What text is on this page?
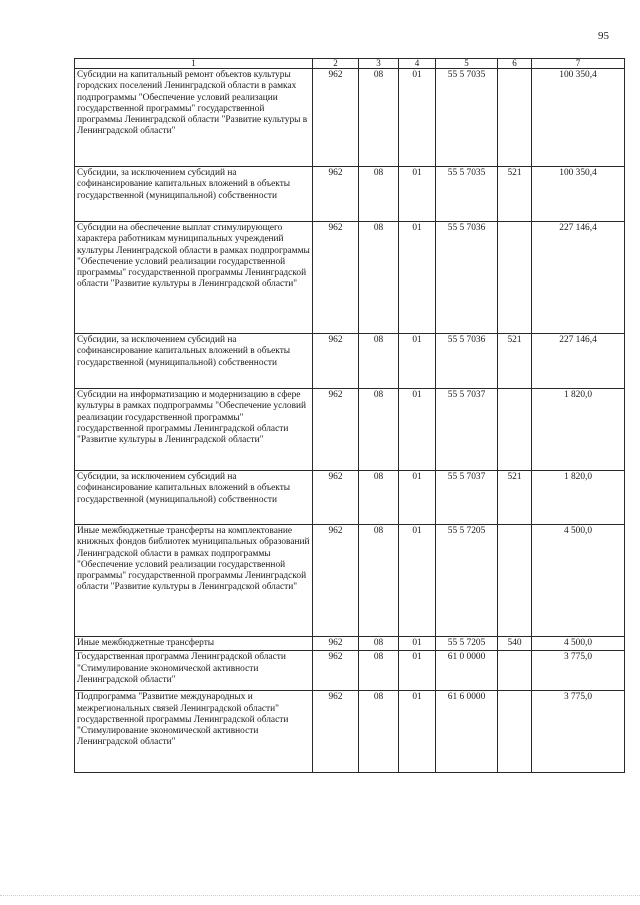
95
1	2	3	4	5	6	7
Субсидии на капитальный ремонт объектов культуры городских поселений Ленинградской области в рамках подпрограммы "Обеспечение условий реализации государственной программы" государственной программы Ленинградской области "Развитие культуры в Ленинградской области"	962	08	01	55 5 7035		100 350,4
Субсидии, за исключением субсидий на софинансирование капитальных вложений в объекты государственной (муниципальной) собственности	962	08	01	55 5 7035	521	100 350,4
Субсидии на обеспечение выплат стимулирующего характера работникам муниципальных учреждений культуры Ленинградской области в рамках подпрограммы "Обеспечение условий реализации государственной программы" государственной программы Ленинградской области "Развитие культуры в Ленинградской области"	962	08	01	55 5 7036		227 146,4
Субсидии, за исключением субсидий на софинансирование капитальных вложений в объекты государственной (муниципальной) собственности	962	08	01	55 5 7036	521	227 146,4
Субсидии на информатизацию и модернизацию в сфере культуры в рамках подпрограммы "Обеспечение условий реализации государственной программы" государственной программы Ленинградской области "Развитие культуры в Ленинградской области"	962	08	01	55 5 7037		1 820,0
Субсидии, за исключением субсидий на софинансирование капитальных вложений в объекты государственной (муниципальной) собственности	962	08	01	55 5 7037	521	1 820,0
Иные межбюджетные трансферты на комплектование книжных фондов библиотек муниципальных образований Ленинградской области в рамках подпрограммы "Обеспечение условий реализации государственной программы" государственной программы Ленинградской области "Развитие культуры в Ленинградской области"	962	08	01	55 5 7205		4 500,0
Иные межбюджетные трансферты	962	08	01	55 5 7205	540	4 500,0
Государственная программа Ленинградской области "Стимулирование экономической активности Ленинградской области"	962	08	01	61 0 0000		3 775,0
Подпрограмма "Развитие международных и межрегиональных связей Ленинградской области" государственной программы Ленинградской области "Стимулирование экономической активности Ленинградской области"	962	08	01	61 6 0000		3 775,0
